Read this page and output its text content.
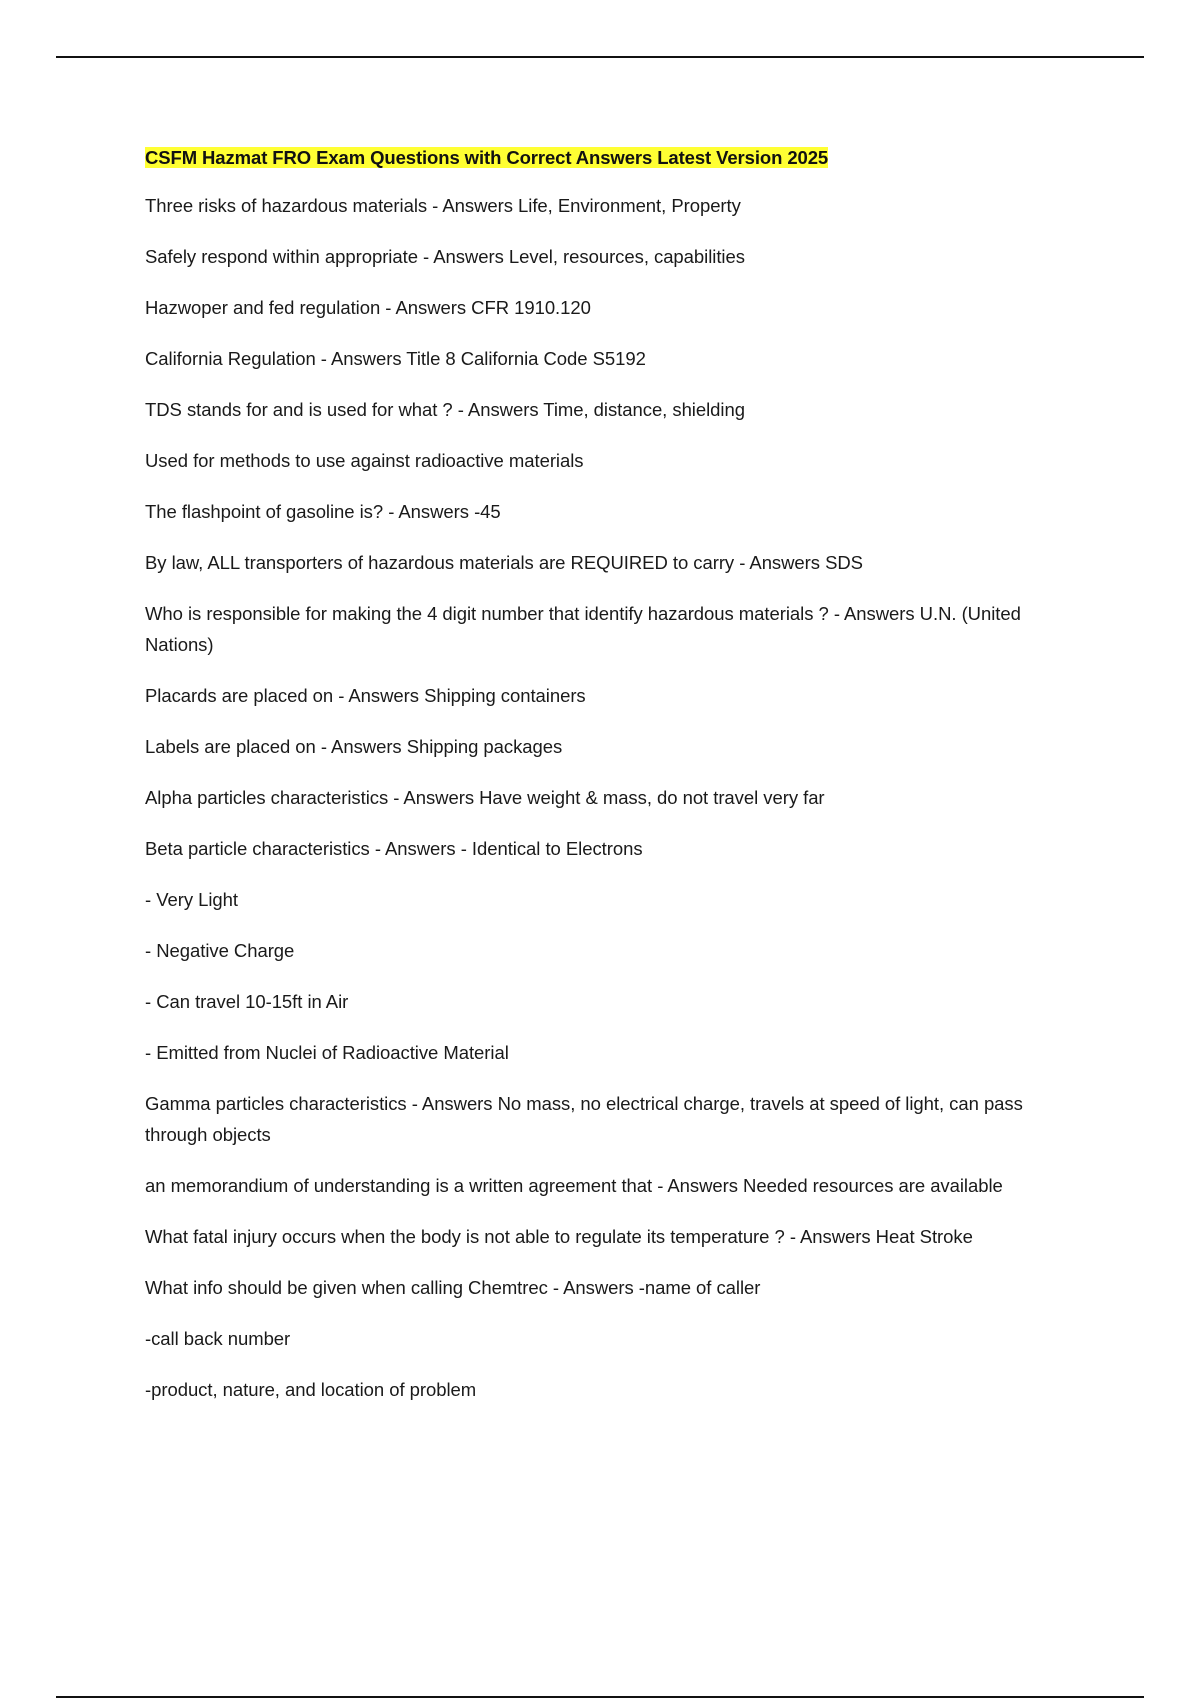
CSFM Hazmat FRO Exam Questions with Correct Answers Latest Version 2025

Three risks of hazardous materials - Answers Life, Environment, Property

Safely respond within appropriate - Answers Level, resources, capabilities

Hazwoper and fed regulation - Answers CFR 1910.120

California Regulation - Answers Title 8 California Code S5192

TDS stands for and is used for what ? - Answers Time, distance, shielding

Used for methods to use against radioactive materials

The flashpoint of gasoline is? - Answers -45

By law, ALL transporters of hazardous materials are REQUIRED to carry - Answers SDS

Who is responsible for making the 4 digit number that identify hazardous materials ? - Answers U.N. (United Nations)

Placards are placed on - Answers Shipping containers

Labels are placed on - Answers Shipping packages

Alpha particles characteristics - Answers Have weight & mass, do not travel very far

Beta particle characteristics - Answers - Identical to Electrons

- Very Light

- Negative Charge

- Can travel 10-15ft in Air

- Emitted from Nuclei of Radioactive Material

Gamma particles characteristics - Answers No mass, no electrical charge, travels at speed of light, can pass through objects

an memorandium of understanding is a written agreement that - Answers Needed resources are available

What fatal injury occurs when the body is not able to regulate its temperature ? - Answers Heat Stroke

What info should be given when calling Chemtrec - Answers -name of caller

-call back number

-product, nature, and location of problem
